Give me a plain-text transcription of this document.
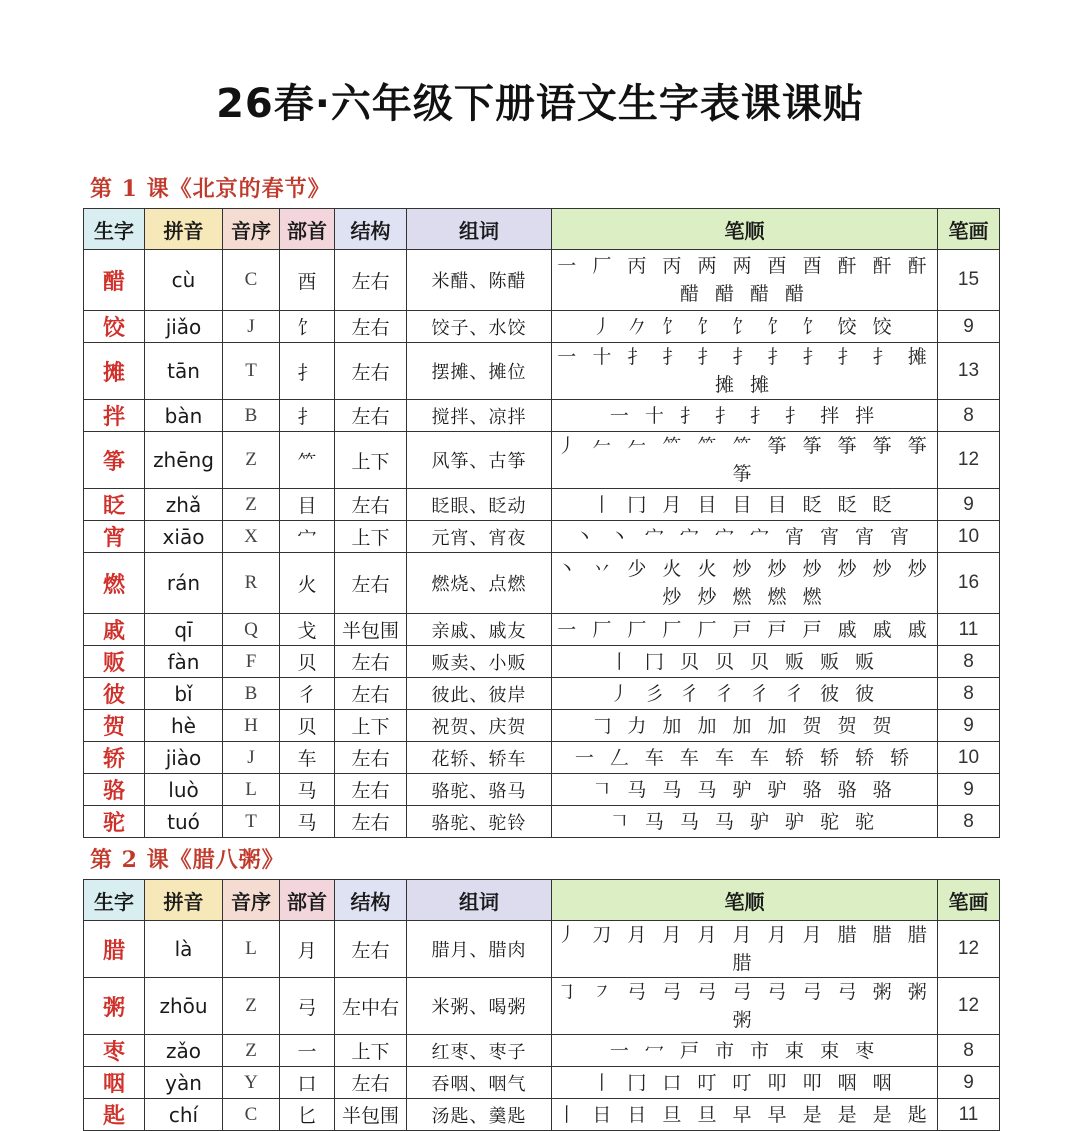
26春·六年级下册语文生字表课课贴
第 1 课《北京的春节》
生字	拼音	音序	部首	结构	组词	笔顺	笔画
醋	cù	C	酉	左右	米醋、陈醋	一 厂 丙 丙 两 两 酉 酉 酐 酐 酐 醋 醋 醋 醋	15
饺	jiǎo	J	饣	左右	饺子、水饺	丿 𠂊 饣 饣 饣 饣 饣 饺 饺	9
摊	tān	T	扌	左右	摆摊、摊位	一 十 扌 扌 扌 扌 扌 扌 扌 扌 摊 摊 摊	13
拌	bàn	B	扌	左右	搅拌、凉拌	一 十 扌 扌 扌 扌 拌 拌	8
筝	zhēng	Z	⺮	上下	风筝、古筝	丿 𠂉 𠂉 ⺮ ⺮ ⺮ 筝 筝 筝 筝 筝 筝	12
眨	zhǎ	Z	目	左右	眨眼、眨动	丨 冂 月 目 目 目 眨 眨 眨	9
宵	xiāo	X	宀	上下	元宵、宵夜	丶 丶 宀 宀 宀 宀 宵 宵 宵 宵	10
燃	rán	R	火	左右	燃烧、点燃	丶 丷 少 火 火 炒 炒 炒 炒 炒 炒 炒 炒 燃 燃 燃	16
戚	qī	Q	戈	半包围	亲戚、戚友	一 厂 厂 厂 厂 戸 戸 戸 戚 戚 戚	11
贩	fàn	F	贝	左右	贩卖、小贩	丨 冂 贝 贝 贝 贩 贩 贩	8
彼	bǐ	B	彳	左右	彼此、彼岸	丿 彡 彳 彳 彳 彳 彼 彼	8
贺	hè	H	贝	上下	祝贺、庆贺	𠃌 力 加 加 加 加 贺 贺 贺	9
轿	jiào	J	车	左右	花轿、轿车	一 𠃋 车 车 车 车 轿 轿 轿 轿	10
骆	luò	L	马	左右	骆驼、骆马	𠃍 马 马 马 驴 驴 骆 骆 骆	9
驼	tuó	T	马	左右	骆驼、驼铃	𠃍 马 马 马 驴 驴 驼 驼	8
第 2 课《腊八粥》
生字	拼音	音序	部首	结构	组词	笔顺	笔画
腊	là	L	月	左右	腊月、腊肉	丿 刀 月 月 月 月 月 月 腊 腊 腊 腊	12
粥	zhōu	Z	弓	左中右	米粥、喝粥	㇆ ㇇ 弓 弓 弓 弓 弓 弓 弓 粥 粥 粥	12
枣	zǎo	Z	一	上下	红枣、枣子	一 冖 戸 市 市 束 束 枣	8
咽	yàn	Y	口	左右	吞咽、咽气	丨 冂 口 叮 叮 叩 叩 咽 咽	9
匙	chí	C	匕	半包围	汤匙、羹匙	丨 日 日 旦 旦 早 早 是 是 是 匙	11
